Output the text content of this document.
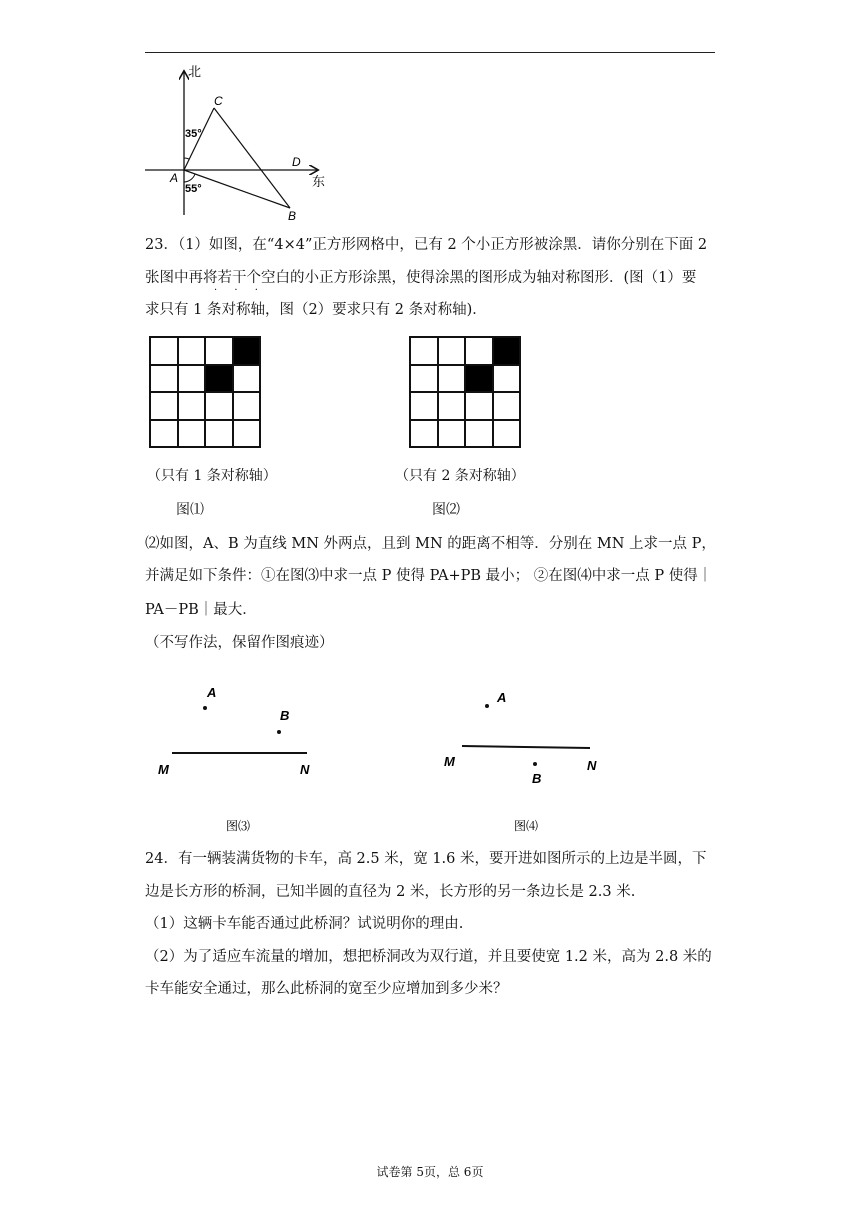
北
东
C
D
A
B
35°
55°
23．（1）如图，在“4×4”正方形网格中，已有 2 个小正方形被涂黑．请你分别在下面 2
张图中再将若干个空白的小正方形涂黑，使得涂黑的图形成为轴对称图形．(图（1）要
· · ·
求只有 1 条对称轴，图（2）要求只有 2 条对称轴)．
（只有 1 条对称轴）
图⑴
（只有 2 条对称轴）
图⑵
⑵如图，A、B 为直线 MN 外两点，且到 MN 的距离不相等．分别在 MN 上求一点 P，
并满足如下条件：①在图⑶中求一点 P 使得 PA+PB 最小； ②在图⑷中求一点 P 使得｜
PA－PB｜最大．
（不写作法，保留作图痕迹）
A
B
M	N
图⑶
A
M	N
B
图⑷
24．有一辆装满货物的卡车，高 2.5 米，宽 1.6 米，要开进如图所示的上边是半圆，下
边是长方形的桥洞，已知半圆的直径为 2 米，长方形的另一条边长是 2.3 米.
（1）这辆卡车能否通过此桥洞？试说明你的理由.
（2）为了适应车流量的增加，想把桥洞改为双行道，并且要使宽 1.2 米，高为 2.8 米的
卡车能安全通过，那么此桥洞的宽至少应增加到多少米？
试卷第 5页，总 6页
